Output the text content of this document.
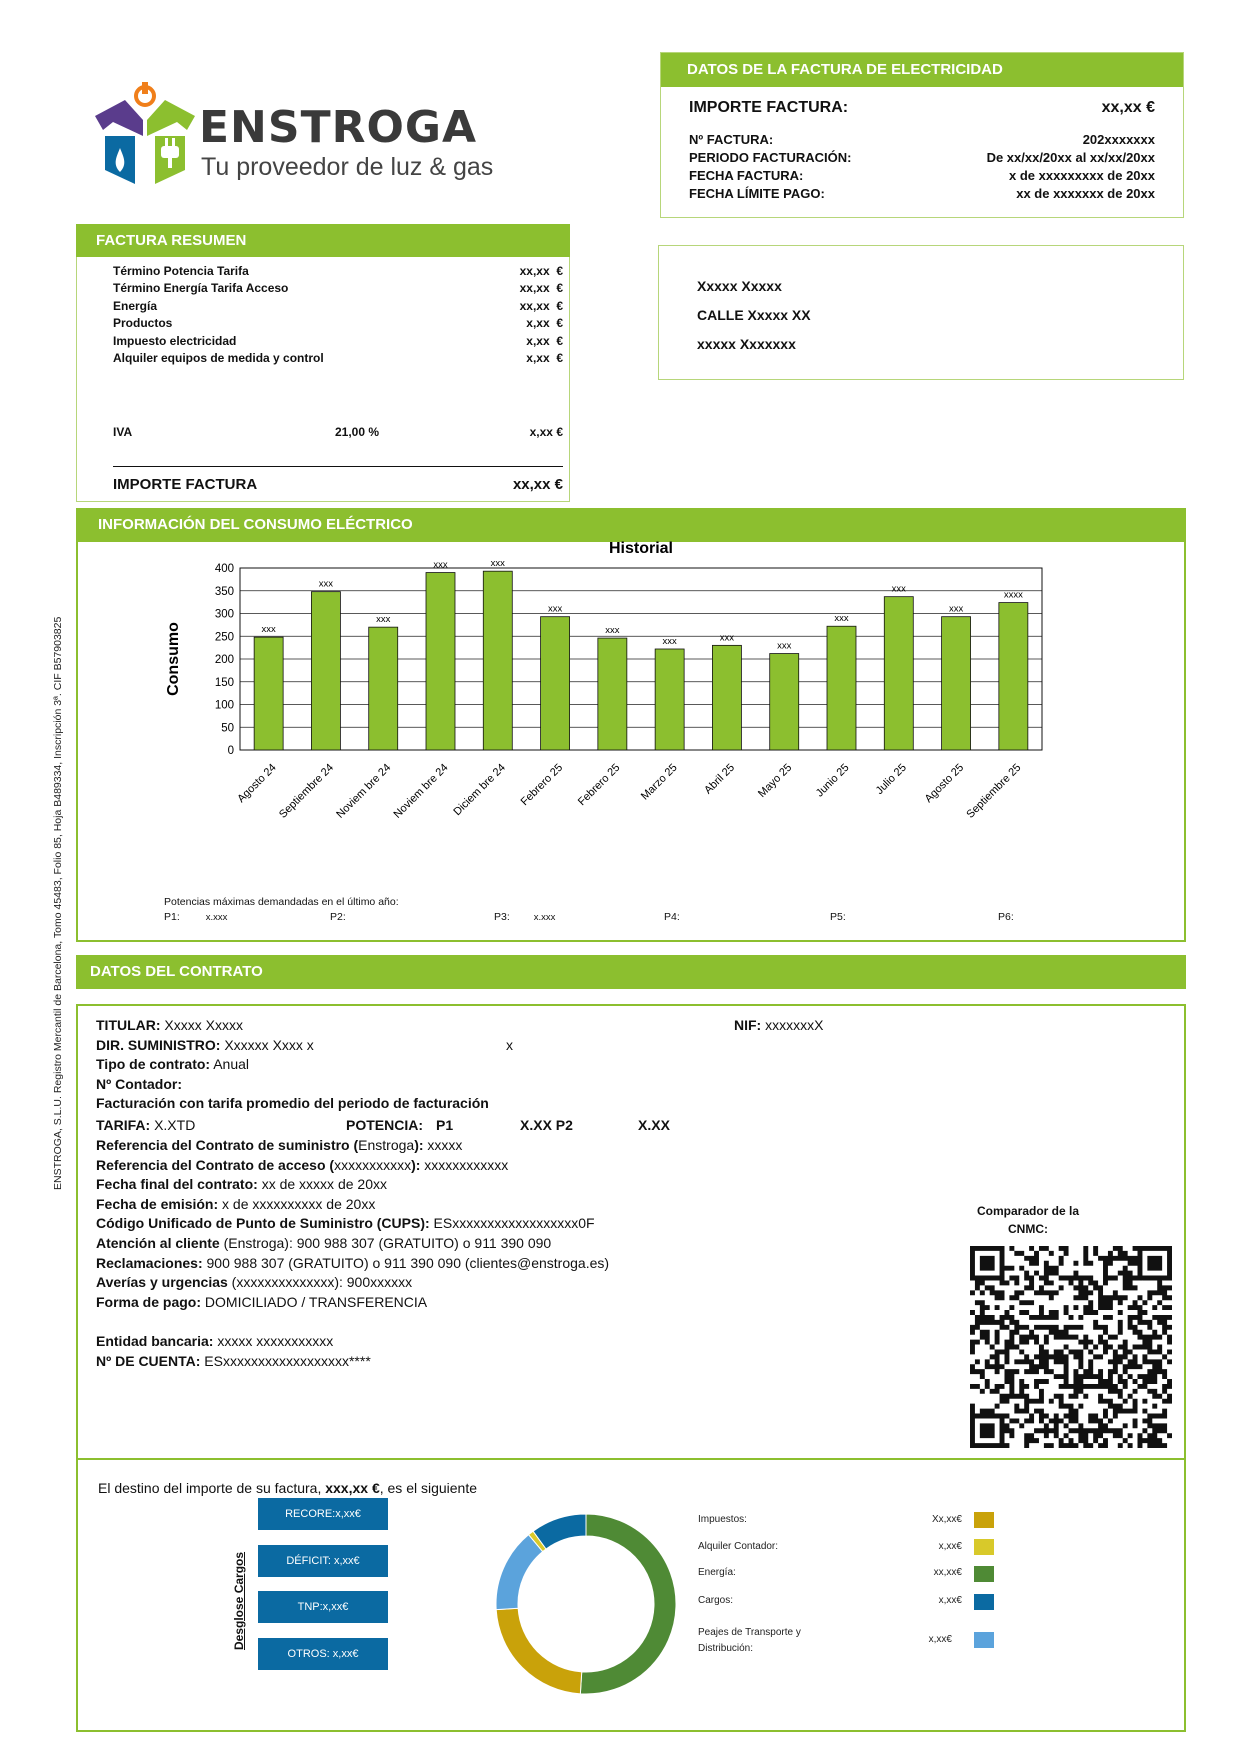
ENSTROGA, S.L.U. Registro Mercantil de Barcelona, Tomo 45483, Folio 85, Hoja B489334, Inscripción 3ª. CIF B57903825
ENSTROGA
Tu proveedor de luz & gas
DATOS DE LA FACTURA DE ELECTRICIDAD
IMPORTE FACTURA:	xx,xx €
Nº FACTURA:	202xxxxxxx
PERIODO FACTURACIÓN:	De xx/xx/20xx al xx/xx/20xx
FECHA FACTURA:	x de xxxxxxxxx de 20xx
FECHA LÍMITE PAGO:	xx de xxxxxxx de 20xx
Xxxxx Xxxxx
CALLE Xxxxx XX
xxxxx Xxxxxxx
FACTURA RESUMEN
Término Potencia Tarifa	xx,xx  €
Término Energía Tarifa Acceso	xx,xx  €
Energía	xx,xx  €
Productos	x,xx  €
Impuesto electricidad	x,xx  €
Alquiler equipos de medida y control	x,xx  €
IVA	21,00 %	x,xx €
IMPORTE FACTURA	xx,xx €
INFORMACIÓN DEL CONSUMO ELÉCTRICO
Historial
Consumo
0
50
100
150
200
250
300
350
400
xxx
Agosto 24
xxx
Septiembre 24
xxx
Noviem bre 24
xxx
Noviem bre 24
xxx
Diciem bre 24
xxx
Febrero 25
xxx
Febrero 25
xxx
Marzo 25
xxx
Abril 25
xxx
Mayo 25
xxx
Junio 25
xxx
Julio 25
xxx
Agosto 25
xxxx
Septiembre 25
Potencias máximas demandadas en el último año:
P1:	x.xxx	P2:	P3:	x.xxx	P4:	P5:	P6:
DATOS DEL CONTRATO
TITULAR: Xxxxx Xxxxx
DIR. SUMINISTRO: Xxxxxx Xxxx x	x
Tipo de contrato: Anual
Nº Contador:
Facturación con tarifa promedio del periodo de facturación
TARIFA: X.XTD	POTENCIA: P1	X.XX P2	X.XX
Referencia del Contrato de suministro (Enstroga): xxxxx
Referencia del Contrato de acceso (xxxxxxxxxxx): xxxxxxxxxxxx
Fecha final del contrato: xx de xxxxx de 20xx
Fecha de emisión: x de xxxxxxxxxx de 20xx
Código Unificado de Punto de Suministro (CUPS): ESxxxxxxxxxxxxxxxxxx0F
Atención al cliente (Enstroga): 900 988 307 (GRATUITO) o 911 390 090
Reclamaciones: 900 988 307 (GRATUITO) o 911 390 090 (clientes@enstroga.es)
Averías y urgencias (xxxxxxxxxxxxxx): 900xxxxxx
Forma de pago: DOMICILIADO / TRANSFERENCIA
Entidad bancaria: xxxxx xxxxxxxxxxx
Nº DE CUENTA: ESxxxxxxxxxxxxxxxxxx****
NIF: xxxxxxxX
Comparador de la
CNMC:
El destino del importe de su factura, xxx,xx €, es el siguiente
Desglose Cargos
RECORE:x,xx€
DÉFICIT: x,xx€
TNP:x,xx€
OTROS: x,xx€
Impuestos:	Xx,xx€
Alquiler Contador:	x,xx€
Energía:	xx,xx€
Cargos:	x,xx€
Peajes de Transporte y
Distribución:
x,xx€
